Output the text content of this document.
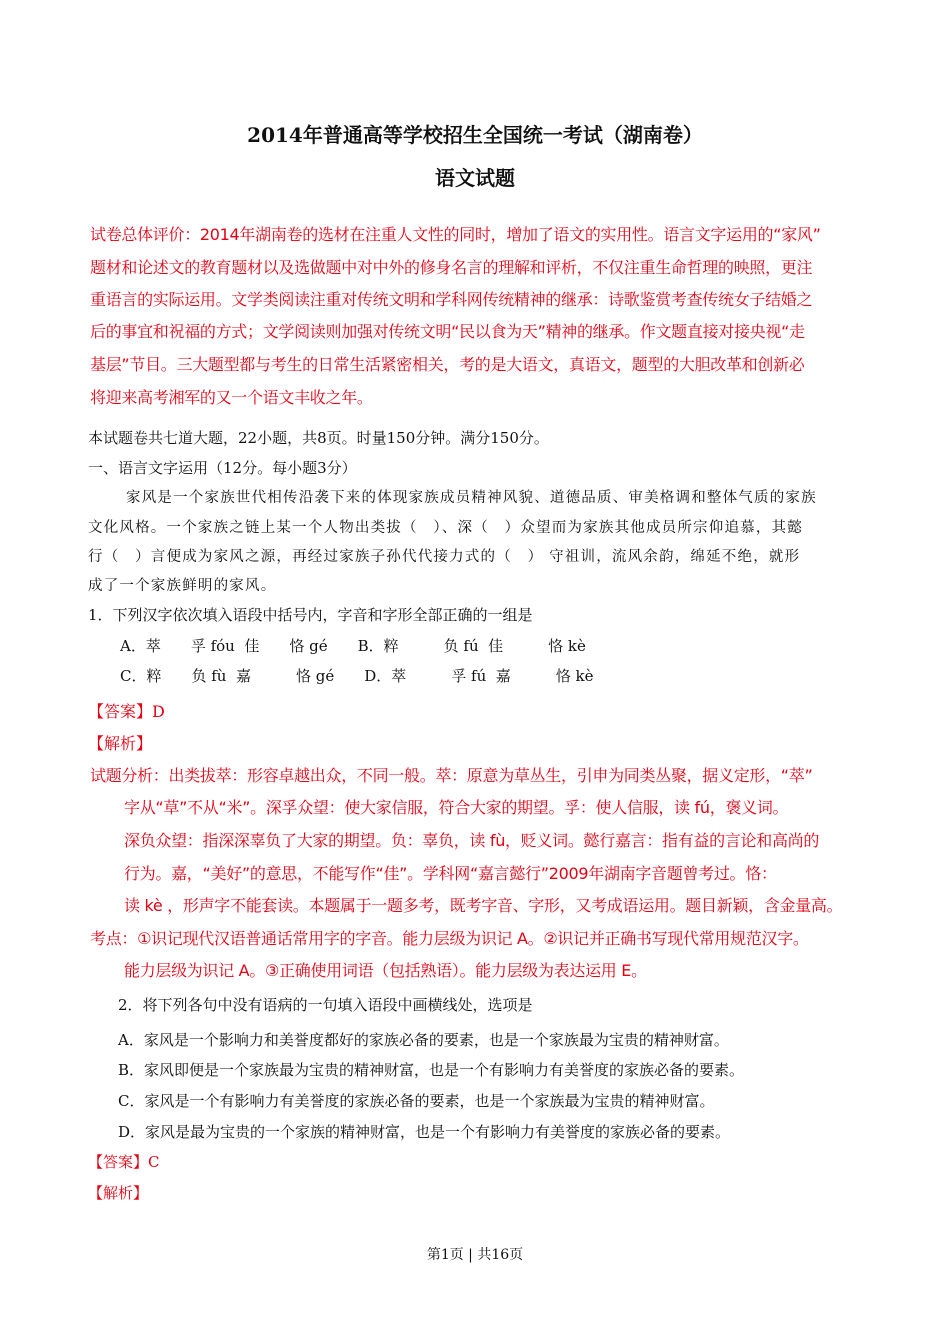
2014年普通高等学校招生全国统一考试（湖南卷）
语文试题
试卷总体评价：2014年湖南卷的选材在注重人文性的同时，增加了语文的实用性。语言文字运用的“家风”
题材和论述文的教育题材以及选做题中对中外的修身名言的理解和评析，不仅注重生命哲理的映照，更注
重语言的实际运用。文学类阅读注重对传统文明和学科网传统精神的继承：诗歌鉴赏考查传统女子结婚之
后的事宜和祝福的方式；文学阅读则加强对传统文明“民以食为天”精神的继承。作文题直接对接央视“走
基层”节目。三大题型都与考生的日常生活紧密相关，考的是大语文，真语文，题型的大胆改革和创新必
将迎来高考湘军的又一个语文丰收之年。
本试题卷共七道大题，22小题，共8页。时量150分钟。满分150分。
一、语言文字运用（12分。每小题3分）
家风是一个家族世代相传沿袭下来的体现家族成员精神风貌、道德品质、审美格调和整体气质的家族
文化风格。一个家族之链上某一个人物出类拔（　）、深（　）众望而为家族其他成员所宗仰追慕，其懿
行（　）言便成为家风之源，再经过家族子孙代代接力式的（　） 守祖训，流风余韵，绵延不绝，就形
成了一个家族鲜明的家风。
1．下列汉字依次填入语段中括号内，字音和字形全部正确的一组是
A．萃　　孚 fóu  佳　　恪 gé　　B．粹　　　负 fú  佳　　　恪 kè
C．粹　　负 fù  嘉　　　恪 gé　　D．萃　　　孚 fú  嘉　　　恪 kè
【答案】D
【解析】
试题分析：出类拔萃：形容卓越出众，不同一般。萃：原意为草丛生，引申为同类丛聚，据义定形，“萃”
字从“草”不从“米”。深孚众望：使大家信服，符合大家的期望。孚：使人信服，读 fú，褒义词。
深负众望：指深深辜负了大家的期望。负：辜负，读 fù，贬义词。懿行嘉言：指有益的言论和高尚的
行为。嘉，“美好”的意思，不能写作“佳”。学科网“嘉言懿行”2009年湖南字音题曾考过。恪：
读 kè ，形声字不能套读。本题属于一题多考，既考字音、字形，又考成语运用。题目新颖，含金量高。
考点：①识记现代汉语普通话常用字的字音。能力层级为识记 A。②识记并正确书写现代常用规范汉字。
能力层级为识记 A。③正确使用词语（包括熟语）。能力层级为表达运用 E。
2．将下列各句中没有语病的一句填入语段中画横线处，选项是
A．家风是一个影响力和美誉度都好的家族必备的要素，也是一个家族最为宝贵的精神财富。
B．家风即便是一个家族最为宝贵的精神财富，也是一个有影响力有美誉度的家族必备的要素。
C．家风是一个有影响力有美誉度的家族必备的要素，也是一个家族最为宝贵的精神财富。
D．家风是最为宝贵的一个家族的精神财富，也是一个有影响力有美誉度的家族必备的要素。
【答案】C
【解析】
第1页 | 共16页
